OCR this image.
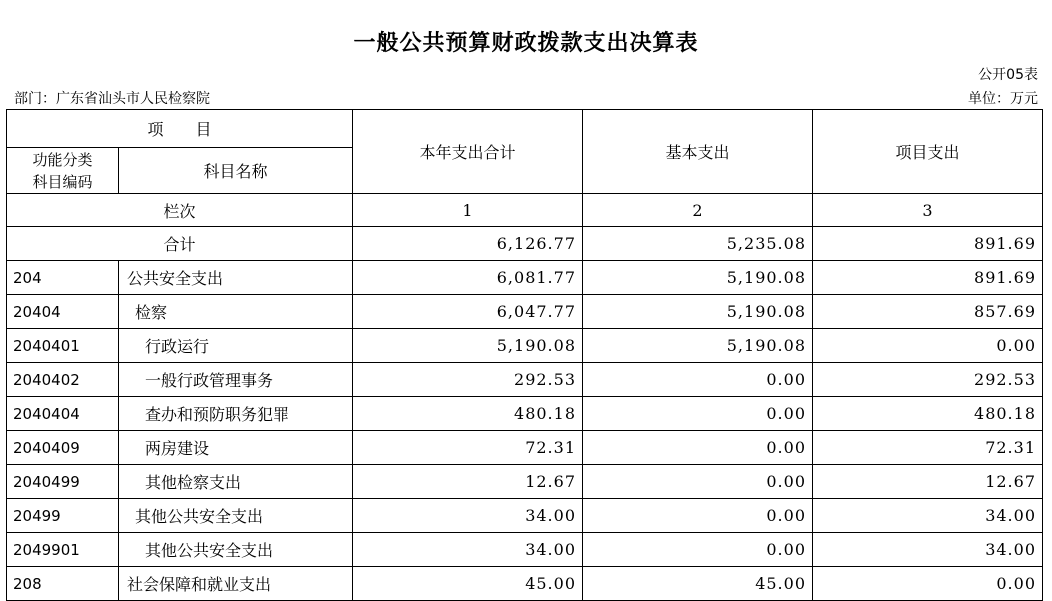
一般公共预算财政拨款支出决算表
公开05表
部门：广东省汕头市人民检察院	单位：万元
项　　目		本年支出合计	基本支出	项目支出
功能分类
科目编码	科目名称			
栏次		1	2	3
合计		6,126.77	5,235.08	891.69
204	公共安全支出	6,081.77	5,190.08	891.69
20404	检察	6,047.77	5,190.08	857.69
2040401	行政运行	5,190.08	5,190.08	0.00
2040402	一般行政管理事务	292.53	0.00	292.53
2040404	查办和预防职务犯罪	480.18	0.00	480.18
2040409	两房建设	72.31	0.00	72.31
2040499	其他检察支出	12.67	0.00	12.67
20499	其他公共安全支出	34.00	0.00	34.00
2049901	其他公共安全支出	34.00	0.00	34.00
208	社会保障和就业支出	45.00	45.00	0.00
